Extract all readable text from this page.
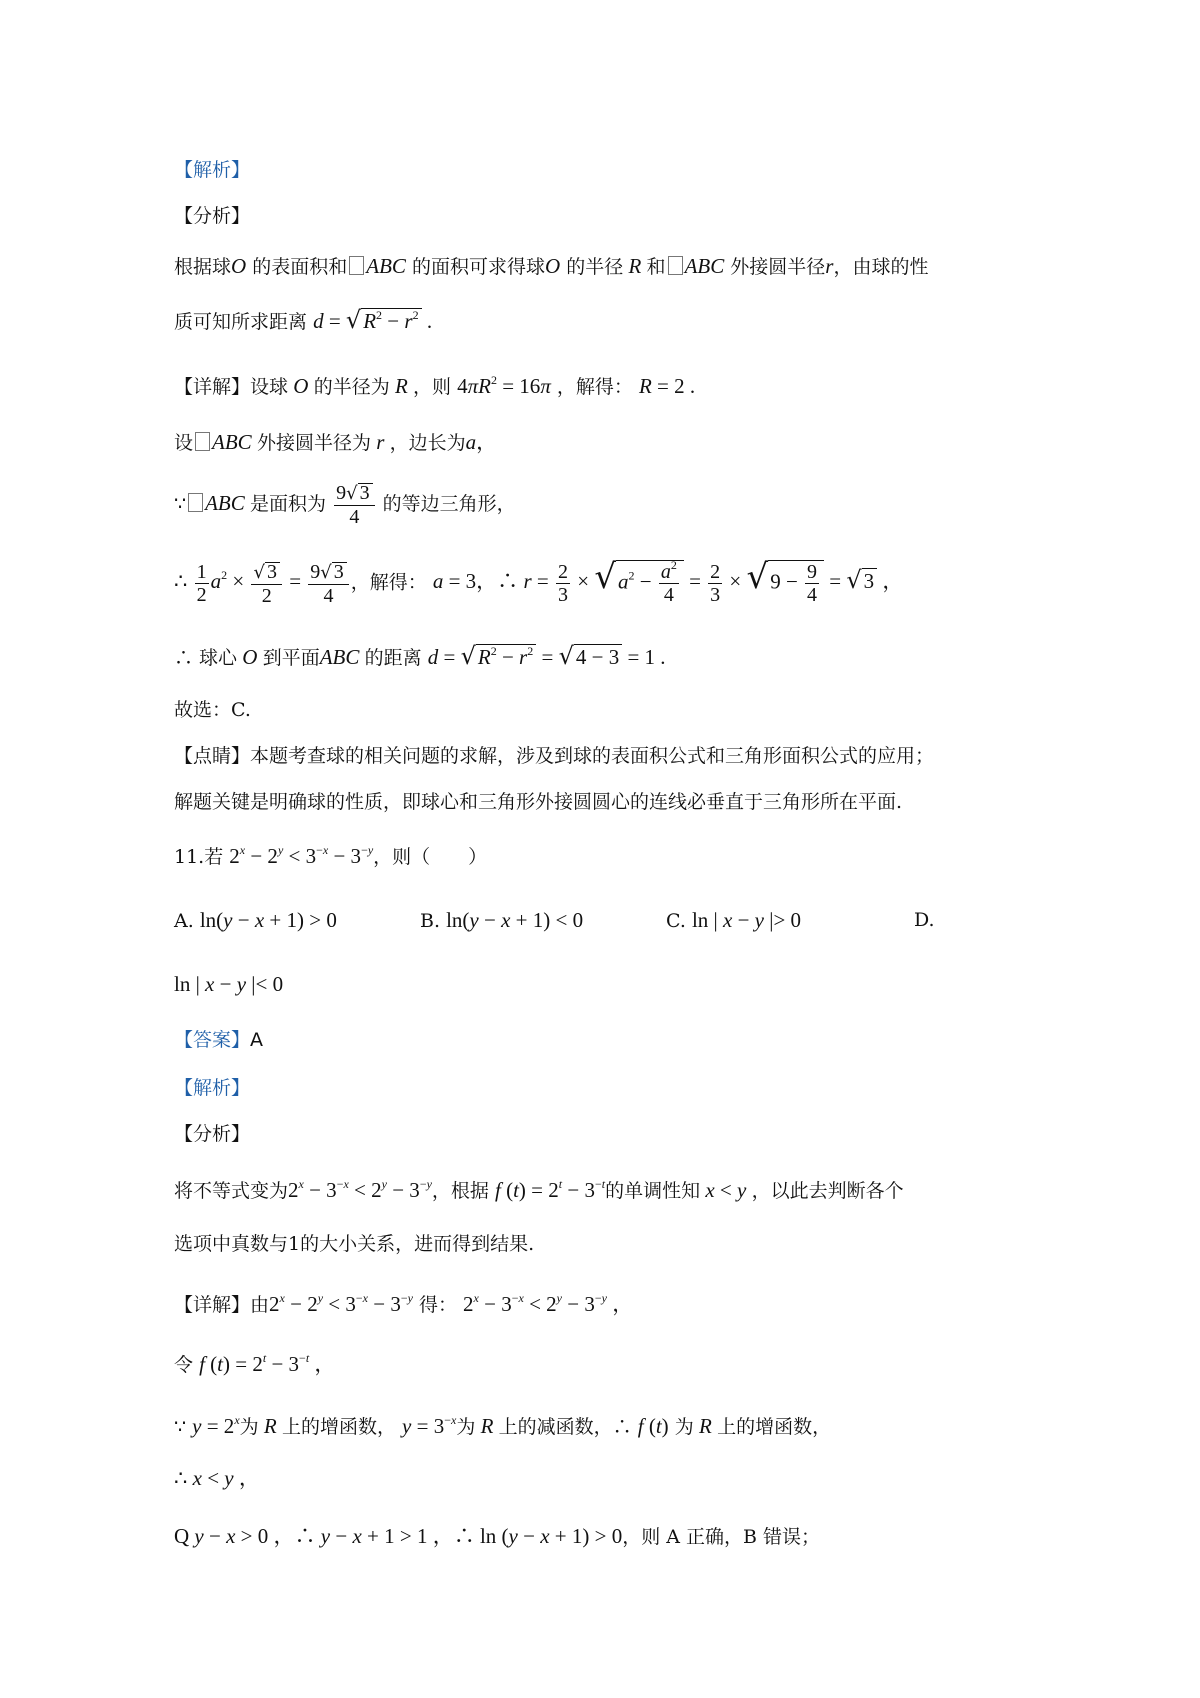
【解析】
【分析】
根据球O 的表面积和 ABC 的面积可求得球O 的半径 R 和 ABC 外接圆半径r，由球的性
质可知所求距离 $d = √R^2 - r^2$ .
【详解】设球 O 的半径为 R ，则 $4\pi R^2 = 16\pi$ ，解得： R = 2 .
设 ABC 外接圆半径为 r ，边长为a，
∵ ABC 是面积为 $\frac{9√ 3}{4}$ 的等边三角形，
∴ $\frac{1}{2} a^2 \times \frac{√ 3}{2} = \frac{9√ 3}{4}$ ，解得： a = 3，∴ $r = \frac{2}{3} \times √a^2 - \frac{a^2}{4} = \frac{2}{3} \times √9 - \frac{9}{4} = √3$ ，
∴ 球心 O 到平面ABC 的距离 $d = √R^2 - r^2 = √4 - 3 = 1$ .
故选：C.
【点睛】本题考查球的相关问题的求解，涉及到球的表面积公式和三角形面积公式的应用；
解题关键是明确球的性质，即球心和三角形外接圆圆心的连线必垂直于三角形所在平面.
11.若 $2^x - 2^y < 3^{-x} - 3^{-y}$，则（　　）
A. ln(y − x + 1) > 0	B. ln(y − x + 1) < 0	C. ln | x − y |> 0	D.
ln | x − y |< 0
【答案】A
【解析】
【分析】
将不等式变为$2^x - 3^{-x} < 2^y - 3^{-y}$，根据 f $(t) = 2^t - 3^{-t}$的单调性知 x < y ，以此去判断各个
选项中真数与1的大小关系，进而得到结果.
【详解】由$2^x - 2^y < 3^{-x} - 3^{-y}$ 得： $2^x - 3^{-x} < 2^y - 3^{-y}$ ，
令 f $(t) = 2^t - 3^{-t}$ ，
∵ $y = 2^x$为 R 上的增函数， $y = 3^{-x}$为 R 上的减函数，∴ f (t) 为 R 上的增函数，
∴ x < y ，
Q y − x > 0 ，∴ y − x + 1 > 1 ，∴ ln (y − x + 1) > 0，则 A 正确，B 错误；
